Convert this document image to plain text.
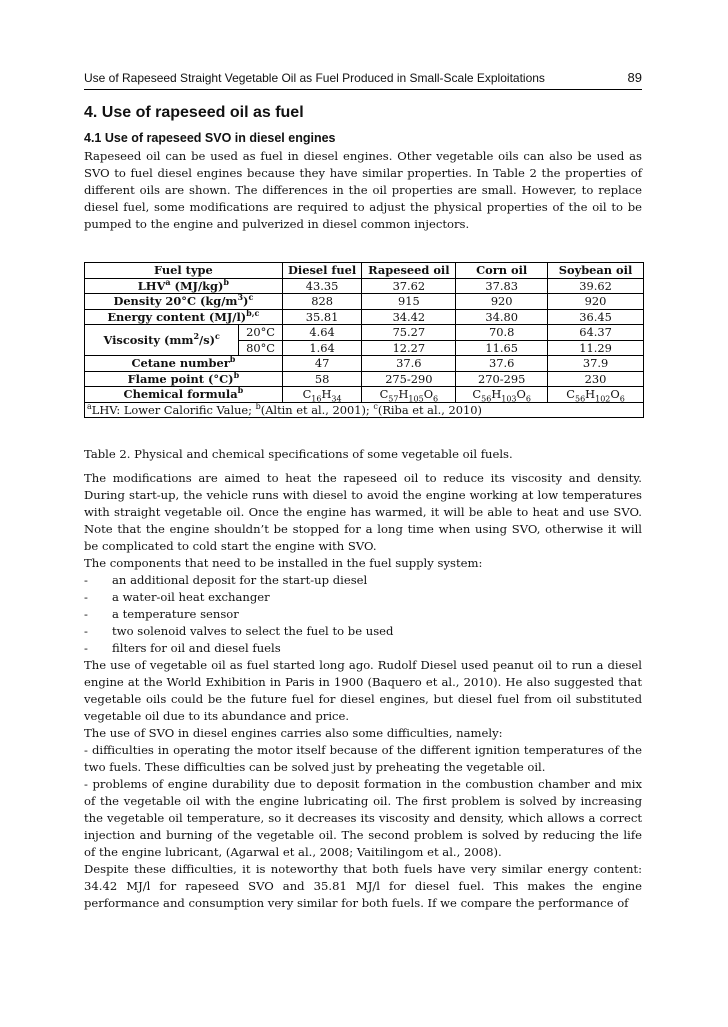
Use of Rapeseed Straight Vegetable Oil as Fuel Produced in Small-Scale Exploitations	89
4. Use of rapeseed oil as fuel
4.1 Use of rapeseed SVO in diesel engines
Rapeseed oil can be used as fuel in diesel engines. Other vegetable oils can also be used as SVO to fuel diesel engines because they have similar properties. In Table 2 the properties of different oils are shown. The differences in the oil properties are small. However, to replace diesel fuel, some modifications are required to adjust the physical properties of the oil to be pumped to the engine and pulverized in diesel common injectors.
Fuel type		Diesel fuel	Rapeseed oil	Corn oil	Soybean oil
LHV$^a$ $(MJ/kg)^b$		43.35	37.62	37.83	39.62
Density 20°C $(kg/m^3)^c$		828	915	920	920
Energy content $(MJ/l)^{b,c}$		35.81	34.42	34.80	36.45
Viscosity $(mm^2/s)^c$	20°C	4.64	75.27	70.8	64.37
	80°C	1.64	12.27	11.65	11.29
Cetane number$^b$		47	37.6	37.6	37.9
Flame point $(^\circ C)^b$		58	275-290	270-295	230
Chemical formula$^b$		$C_{16}H_{34}$	$C_{57}H_{105}O_6$	$C_{56}H_{103}O_6$	$C_{56}H_{102}O_6$
$^a$LHV: Lower Calorific Value; $^b$(Altin et al., 2001); $^c$(Riba et al., 2010)					
Table 2. Physical and chemical specifications of some vegetable oil fuels.

The modifications are aimed to heat the rapeseed oil to reduce its viscosity and density. During start-up, the vehicle runs with diesel to avoid the engine working at low temperatures with straight vegetable oil. Once the engine has warmed, it will be able to heat and use SVO. Note that the engine shouldn’t be stopped for a long time when using SVO, otherwise it will be complicated to cold start the engine with SVO.

The components that need to be installed in the fuel supply system:

-	an additional deposit for the start-up diesel
-	a water-oil heat exchanger
-	a temperature sensor
-	two solenoid valves to select the fuel to be used
-	filters for oil and diesel fuels

The use of vegetable oil as fuel started long ago. Rudolf Diesel used peanut oil to run a diesel engine at the World Exhibition in Paris in 1900 (Baquero et al., 2010). He also suggested that vegetable oils could be the future fuel for diesel engines, but diesel fuel from oil substituted vegetable oil due to its abundance and price.

The use of SVO in diesel engines carries also some difficulties, namely:

- difficulties in operating the motor itself because of the different ignition temperatures of the two fuels. These difficulties can be solved just by preheating the vegetable oil.

- problems of engine durability due to deposit formation in the combustion chamber and mix of the vegetable oil with the engine lubricating oil. The first problem is solved by increasing the vegetable oil temperature, so it decreases its viscosity and density, which allows a correct injection and burning of the vegetable oil. The second problem is solved by reducing the life of the engine lubricant, (Agarwal et al., 2008; Vaitilingom et al., 2008).

Despite these difficulties, it is noteworthy that both fuels have very similar energy content: 34.42 MJ/l for rapeseed SVO and 35.81 MJ/l for diesel fuel. This makes the engine performance and consumption very similar for both fuels. If we compare the performance of
